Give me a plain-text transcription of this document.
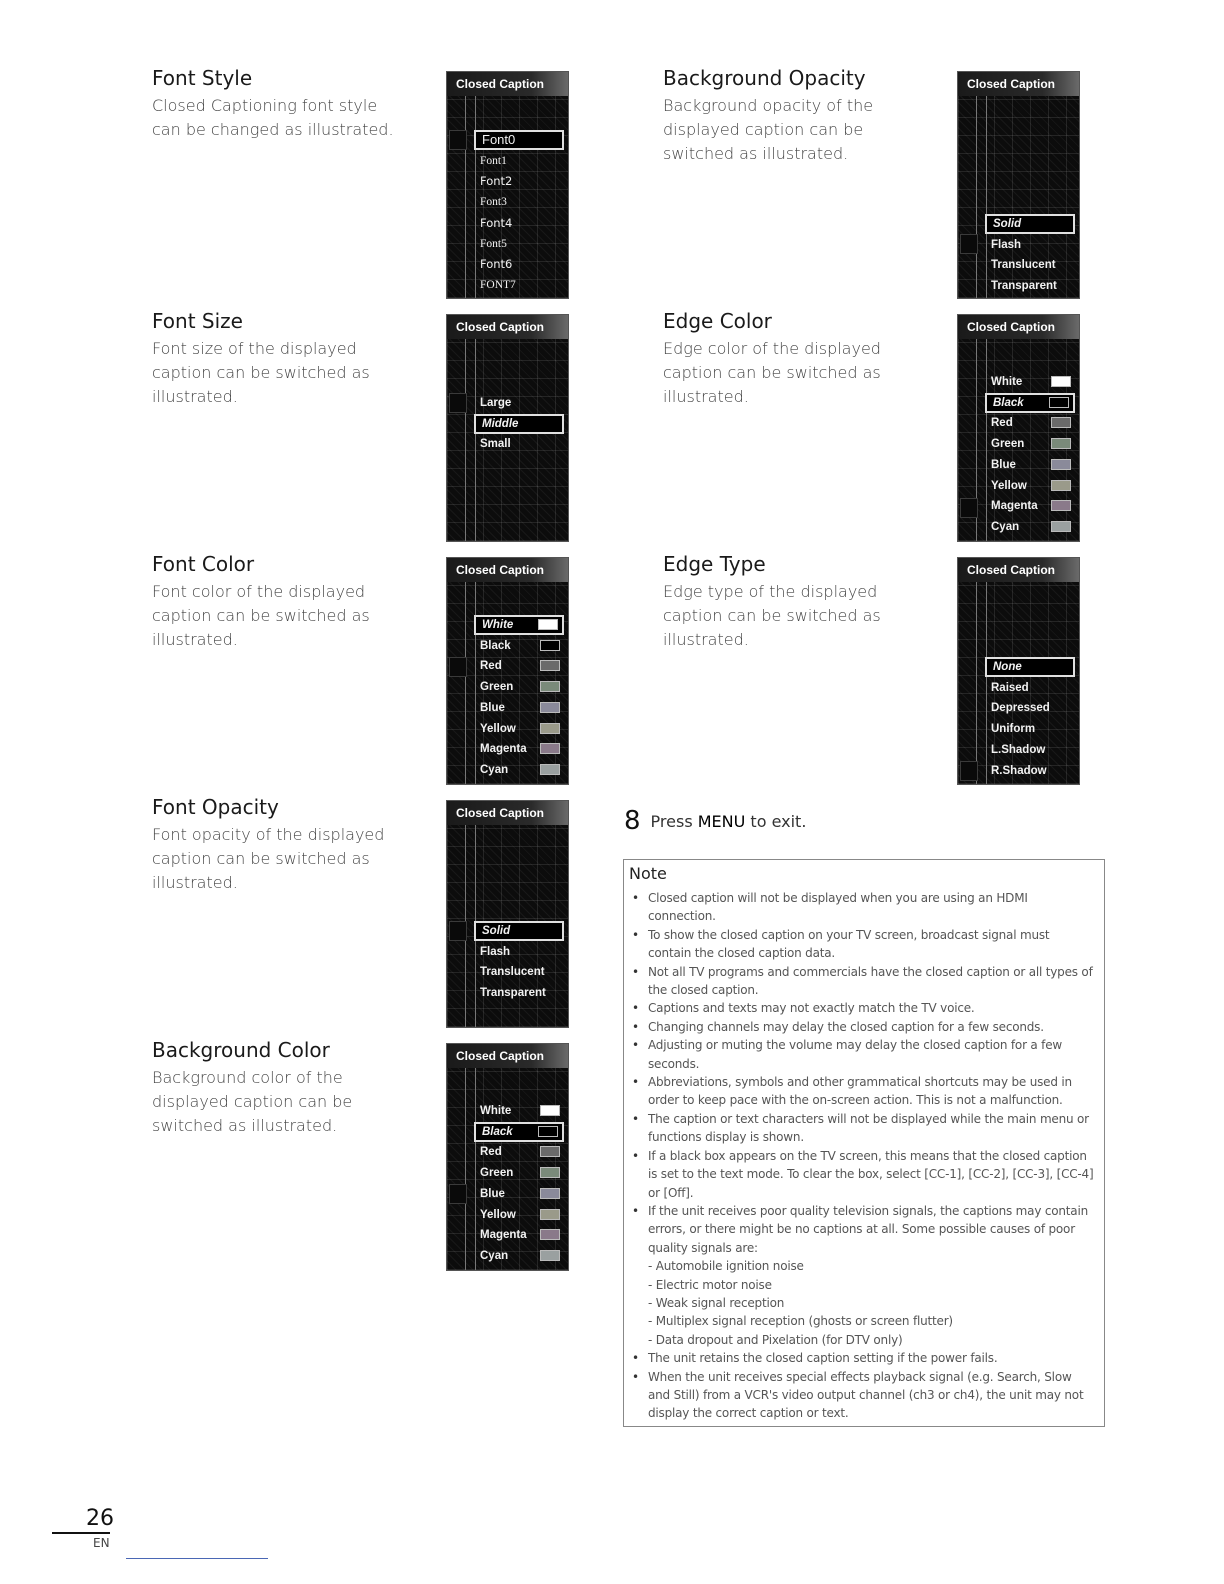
Font Style

Closed Captioning font style
can be changed as illustrated.

Font Size

Font size of the displayed
caption can be switched as
illustrated.

Font Color

Font color of the displayed
caption can be switched as
illustrated.

Font Opacity

Font opacity of the displayed
caption can be switched as
illustrated.

Background Color

Background color of the
displayed caption can be
switched as illustrated.

Background Opacity

Background opacity of the
displayed caption can be
switched as illustrated.

Edge Color

Edge color of the displayed
caption can be switched as
illustrated.

Edge Type

Edge type of the displayed
caption can be switched as
illustrated.

Closed Caption
Font0
Font1
Font2
Font3
Font4
Font5
Font6
FONT7
Closed Caption
Large
Middle
Small
Closed Caption
White
Black
Red
Green
Blue
Yellow
Magenta
Cyan
Closed Caption
Solid
Flash
Translucent
Transparent
Closed Caption
White
Black
Red
Green
Blue
Yellow
Magenta
Cyan
Closed Caption
Solid
Flash
Translucent
Transparent
Closed Caption
White
Black
Red
Green
Blue
Yellow
Magenta
Cyan
Closed Caption
None
Raised
Depressed
Uniform
L.Shadow
R.Shadow
8 Press MENU to exit.
Note
• Closed caption will not be displayed when you are using an HDMI connection.
• To show the closed caption on your TV screen, broadcast signal must contain the closed caption data.
• Not all TV programs and commercials have the closed caption or all types of the closed caption.
• Captions and texts may not exactly match the TV voice.
• Changing channels may delay the closed caption for a few seconds.
• Adjusting or muting the volume may delay the closed caption for a few seconds.
• Abbreviations, symbols and other grammatical shortcuts may be used in order to keep pace with the on-screen action. This is not a malfunction.
• The caption or text characters will not be displayed while the main menu or functions display is shown.
• If a black box appears on the TV screen, this means that the closed caption is set to the text mode. To clear the box, select [CC-1], [CC-2], [CC-3], [CC-4] or [Off].
• If the unit receives poor quality television signals, the captions may contain errors, or there might be no captions at all. Some possible causes of poor quality signals are:
- Automobile ignition noise
- Electric motor noise
- Weak signal reception
- Multiplex signal reception (ghosts or screen flutter)
- Data dropout and Pixelation (for DTV only)
• The unit retains the closed caption setting if the power fails.
• When the unit receives special effects playback signal (e.g. Search, Slow and Still) from a VCR's video output channel (ch3 or ch4), the unit may not display the correct caption or text.
26
EN
